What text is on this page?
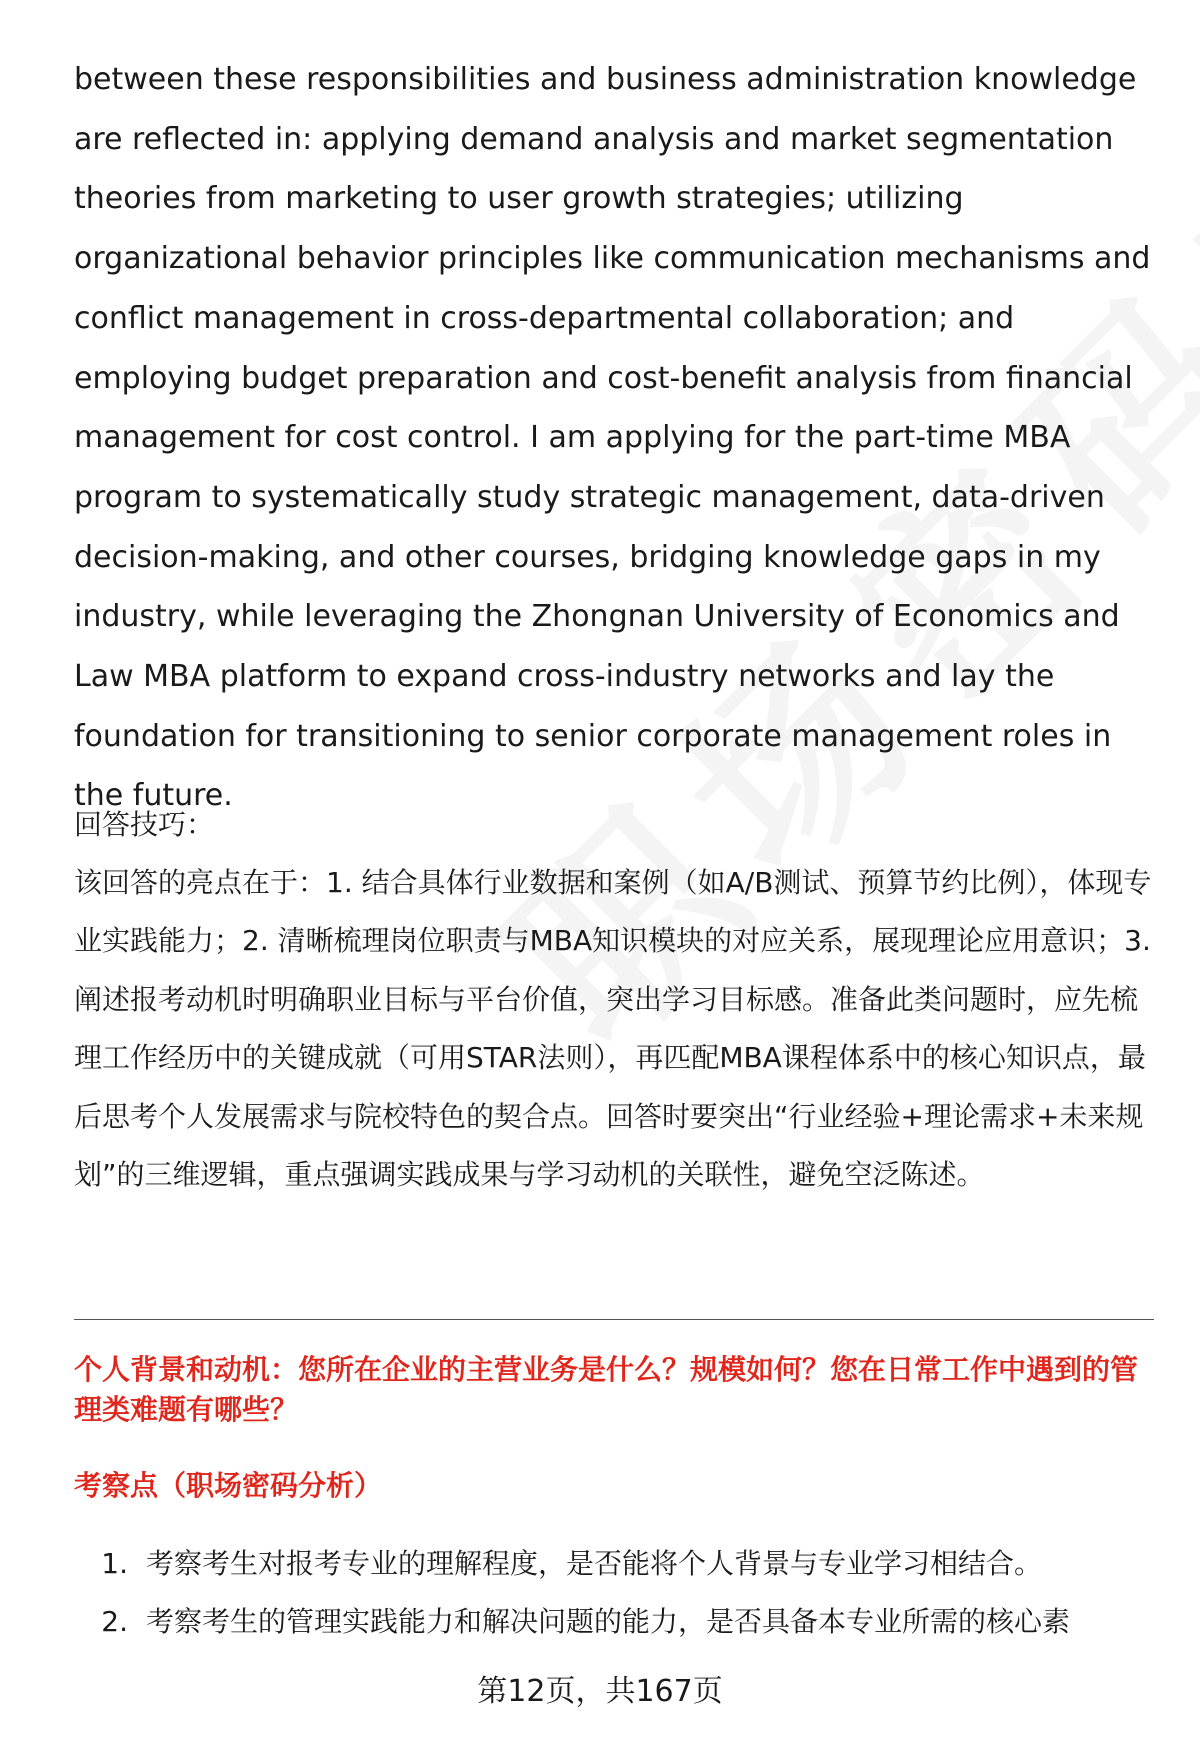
between these responsibilities and business administration knowledge are reflected in: applying demand analysis and market segmentation theories from marketing to user growth strategies; utilizing organizational behavior principles like communication mechanisms and conflict management in cross-departmental collaboration; and employing budget preparation and cost-benefit analysis from financial management for cost control. I am applying for the part-time MBA program to systematically study strategic management, data-driven decision-making, and other courses, bridging knowledge gaps in my industry, while leveraging the Zhongnan University of Economics and Law MBA platform to expand cross-industry networks and lay the foundation for transitioning to senior corporate management roles in the future.

回答技巧：

该回答的亮点在于：1. 结合具体行业数据和案例（如A/B测试、预算节约比例），体现专业实践能力；2. 清晰梳理岗位职责与MBA知识模块的对应关系，展现理论应用意识；3. 阐述报考动机时明确职业目标与平台价值，突出学习目标感。准备此类问题时，应先梳理工作经历中的关键成就（可用STAR法则），再匹配MBA课程体系中的核心知识点，最后思考个人发展需求与院校特色的契合点。回答时要突出“行业经验+理论需求+未来规划”的三维逻辑，重点强调实践成果与学习动机的关联性，避免空泛陈述。

个人背景和动机：您所在企业的主营业务是什么？规模如何？您在日常工作中遇到的管理类难题有哪些？

考察点（职场密码分析）

1. 考察考生对报考专业的理解程度，是否能将个人背景与专业学习相结合。
2. 考察考生的管理实践能力和解决问题的能力，是否具备本专业所需的核心素
第12页，共167页
